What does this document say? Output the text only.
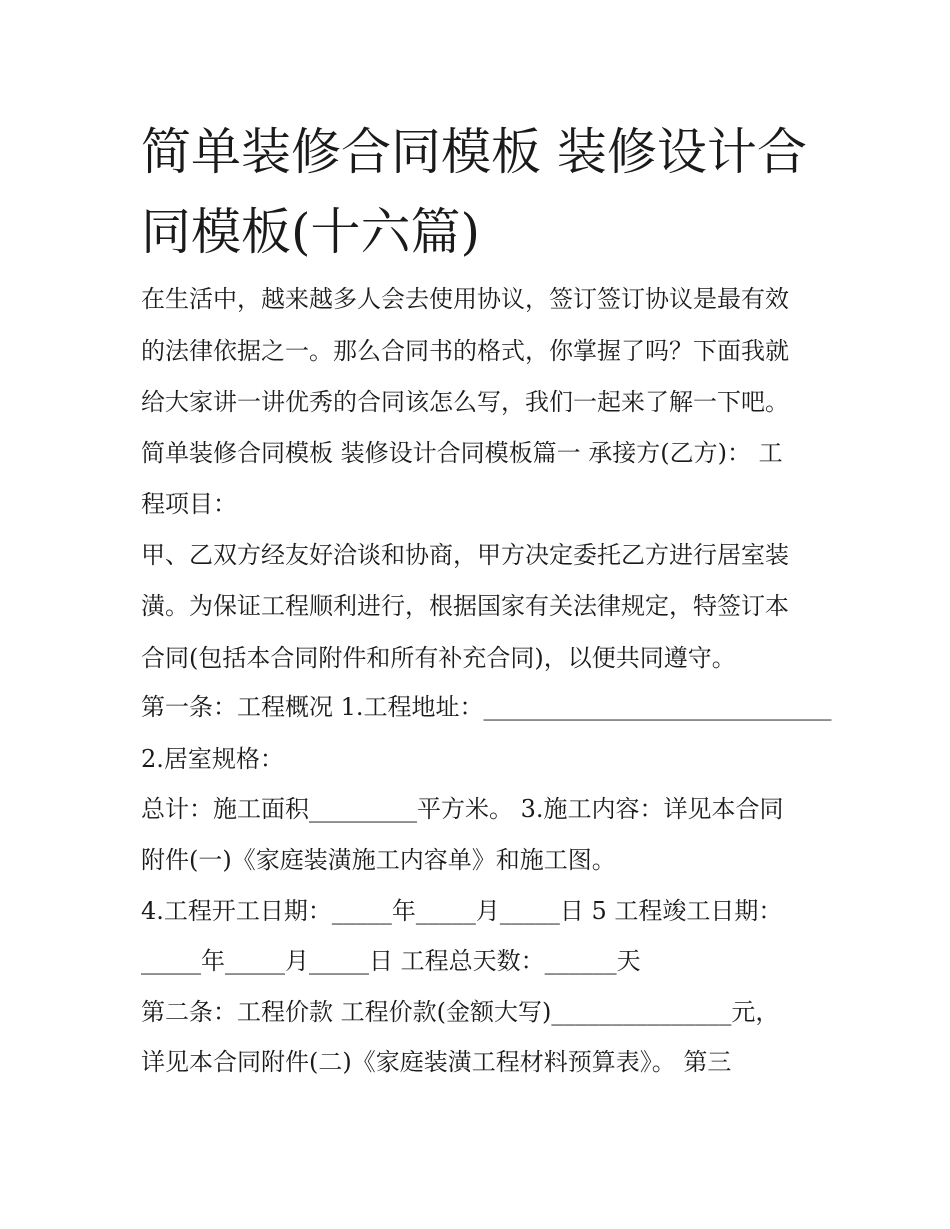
简单装修合同模板 装修设计合同模板(十六篇)

在生活中，越来越多人会去使用协议，签订签订协议是最有效

的法律依据之一。那么合同书的格式，你掌握了吗？下面我就

给大家讲一讲优秀的合同该怎么写，我们一起来了解一下吧。

简单装修合同模板 装修设计合同模板篇一 承接方(乙方)： 工

程项目：

甲、乙双方经友好洽谈和协商，甲方决定委托乙方进行居室装

潢。为保证工程顺利进行，根据国家有关法律规定，特签订本

合同(包括本合同附件和所有补充合同)，以便共同遵守。

第一条：工程概况 1.工程地址：_____________________________

2.居室规格：

总计：施工面积_________平方米。 3.施工内容：详见本合同

附件(一)《家庭装潢施工内容单》和施工图。

4.工程开工日期：_____年_____月_____日 5 工程竣工日期：

_____年_____月_____日 工程总天数：______天

第二条：工程价款 工程价款(金额大写)_______________元，

详见本合同附件(二)《家庭装潢工程材料预算表》。 第三
